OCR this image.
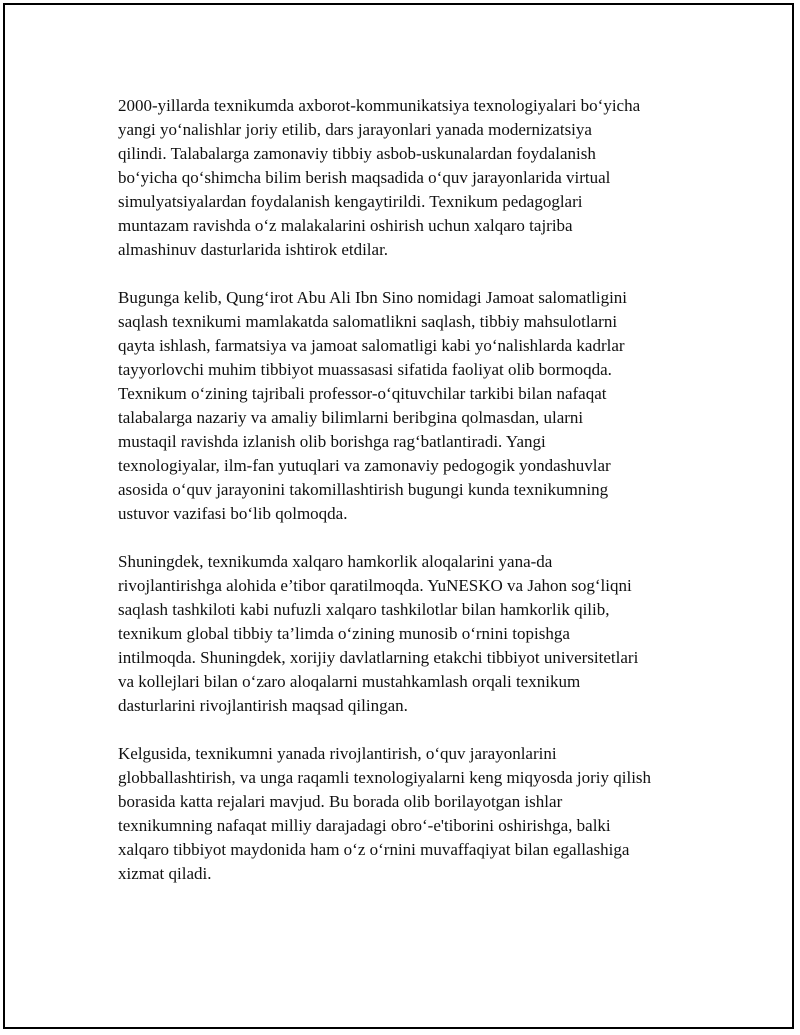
2000-yillarda texnikumda axborot-kommunikatsiya texnologiyalari bo‘yicha
yangi yo‘nalishlar joriy etilib, dars jarayonlari yanada modernizatsiya
qilindi. Talabalarga zamonaviy tibbiy asbob-uskunalardan foydalanish
bo‘yicha qo‘shimcha bilim berish maqsadida o‘quv jarayonlarida virtual
simulyatsiyalardan foydalanish kengaytirildi. Texnikum pedagoglari
muntazam ravishda o‘z malakalarini oshirish uchun xalqaro tajriba
almashinuv dasturlarida ishtirok etdilar.

Bugunga kelib, Qung‘irot Abu Ali Ibn Sino nomidagi Jamoat salomatligini
saqlash texnikumi mamlakatda salomatlikni saqlash, tibbiy mahsulotlarni
qayta ishlash, farmatsiya va jamoat salomatligi kabi yo‘nalishlarda kadrlar
tayyorlovchi muhim tibbiyot muassasasi sifatida faoliyat olib bormoqda.
Texnikum o‘zining tajribali professor-o‘qituvchilar tarkibi bilan nafaqat
talabalarga nazariy va amaliy bilimlarni beribgina qolmasdan, ularni
mustaqil ravishda izlanish olib borishga rag‘batlantiradi. Yangi
texnologiyalar, ilm-fan yutuqlari va zamonaviy pedogogik yondashuvlar
asosida o‘quv jarayonini takomillashtirish bugungi kunda texnikumning
ustuvor vazifasi bo‘lib qolmoqda.

Shuningdek, texnikumda xalqaro hamkorlik aloqalarini yana-da
rivojlantirishga alohida e’tibor qaratilmoqda. YuNESKO va Jahon sog‘liqni
saqlash tashkiloti kabi nufuzli xalqaro tashkilotlar bilan hamkorlik qilib,
texnikum global tibbiy ta’limda o‘zining munosib o‘rnini topishga
intilmoqda. Shuningdek, xorijiy davlatlarning etakchi tibbiyot universitetlari
va kollejlari bilan o‘zaro aloqalarni mustahkamlash orqali texnikum
dasturlarini rivojlantirish maqsad qilingan.

Kelgusida, texnikumni yanada rivojlantirish, o‘quv jarayonlarini
globballashtirish, va unga raqamli texnologiyalarni keng miqyosda joriy qilish
borasida katta rejalari mavjud. Bu borada olib borilayotgan ishlar
texnikumning nafaqat milliy darajadagi obro‘-e'tiborini oshirishga, balki
xalqaro tibbiyot maydonida ham o‘z o‘rnini muvaffaqiyat bilan egallashiga
xizmat qiladi.
